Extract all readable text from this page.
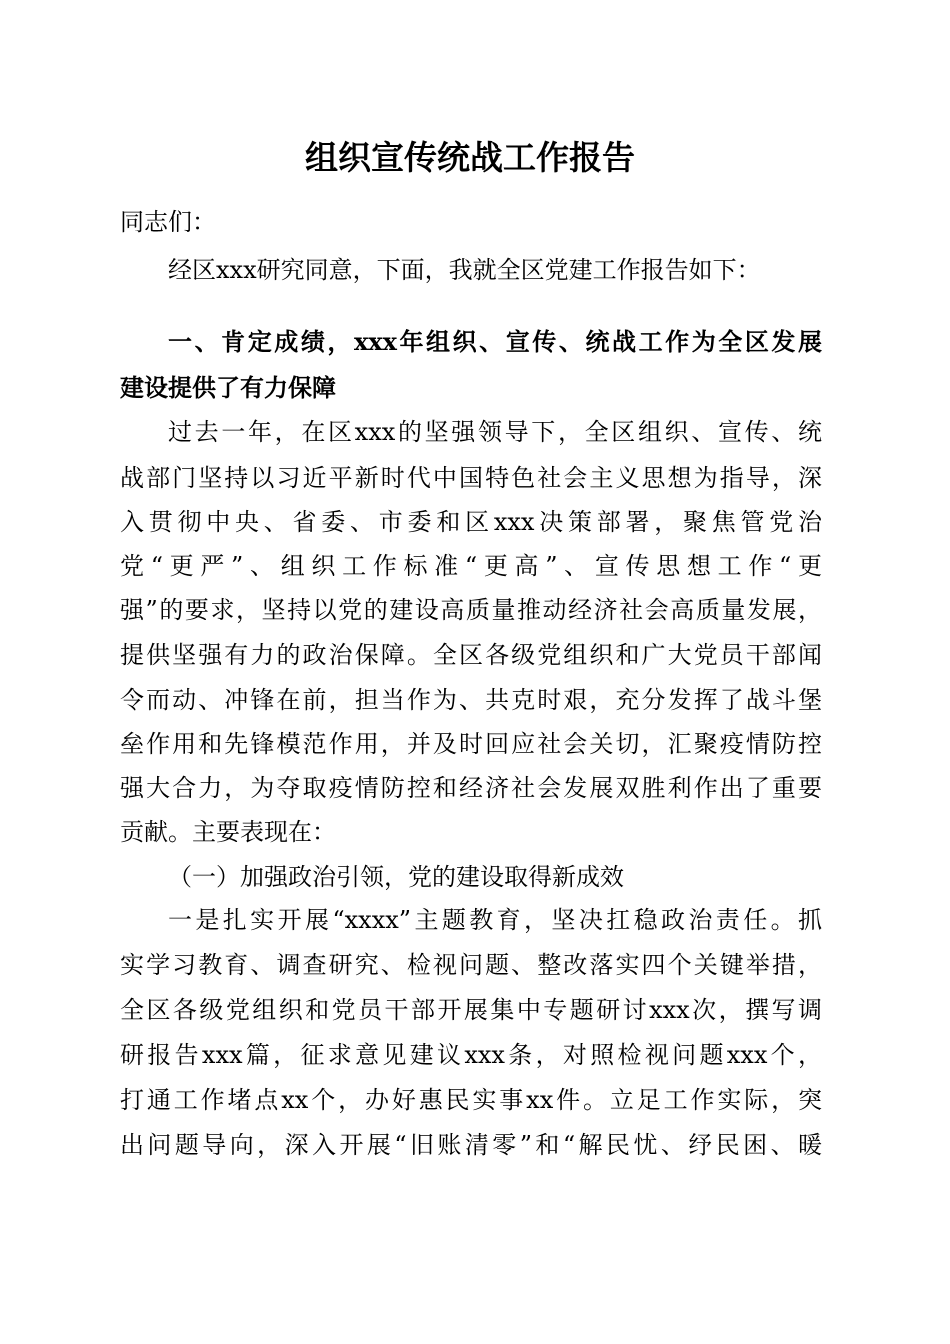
组织宣传统战工作报告
同志们：
经区xxx研究同意，下面，我就全区党建工作报告如下：
一、肯定成绩，xxx年组织、宣传、统战工作为全区发展
建设提供了有力保障
过去一年，在区xxx的坚强领导下，全区组织、宣传、统
战部门坚持以习近平新时代中国特色社会主义思想为指导，深
入贯彻中央、省委、市委和区xxx决策部署，聚焦管党治
党“更严”、组织工作标准“更高”、宣传思想工作“更
强”的要求，坚持以党的建设高质量推动经济社会高质量发展，
提供坚强有力的政治保障。全区各级党组织和广大党员干部闻
令而动、冲锋在前，担当作为、共克时艰，充分发挥了战斗堡
垒作用和先锋模范作用，并及时回应社会关切，汇聚疫情防控
强大合力，为夺取疫情防控和经济社会发展双胜利作出了重要
贡献。主要表现在：
（一）加强政治引领，党的建设取得新成效
一是扎实开展“xxxx”主题教育，坚决扛稳政治责任。抓
实学习教育、调查研究、检视问题、整改落实四个关键举措，
全区各级党组织和党员干部开展集中专题研讨xxx次，撰写调
研报告xxx篇，征求意见建议xxx条，对照检视问题xxx个，
打通工作堵点xx个，办好惠民实事xx件。立足工作实际，突
出问题导向，深入开展“旧账清零”和“解民忧、纾民困、暖
